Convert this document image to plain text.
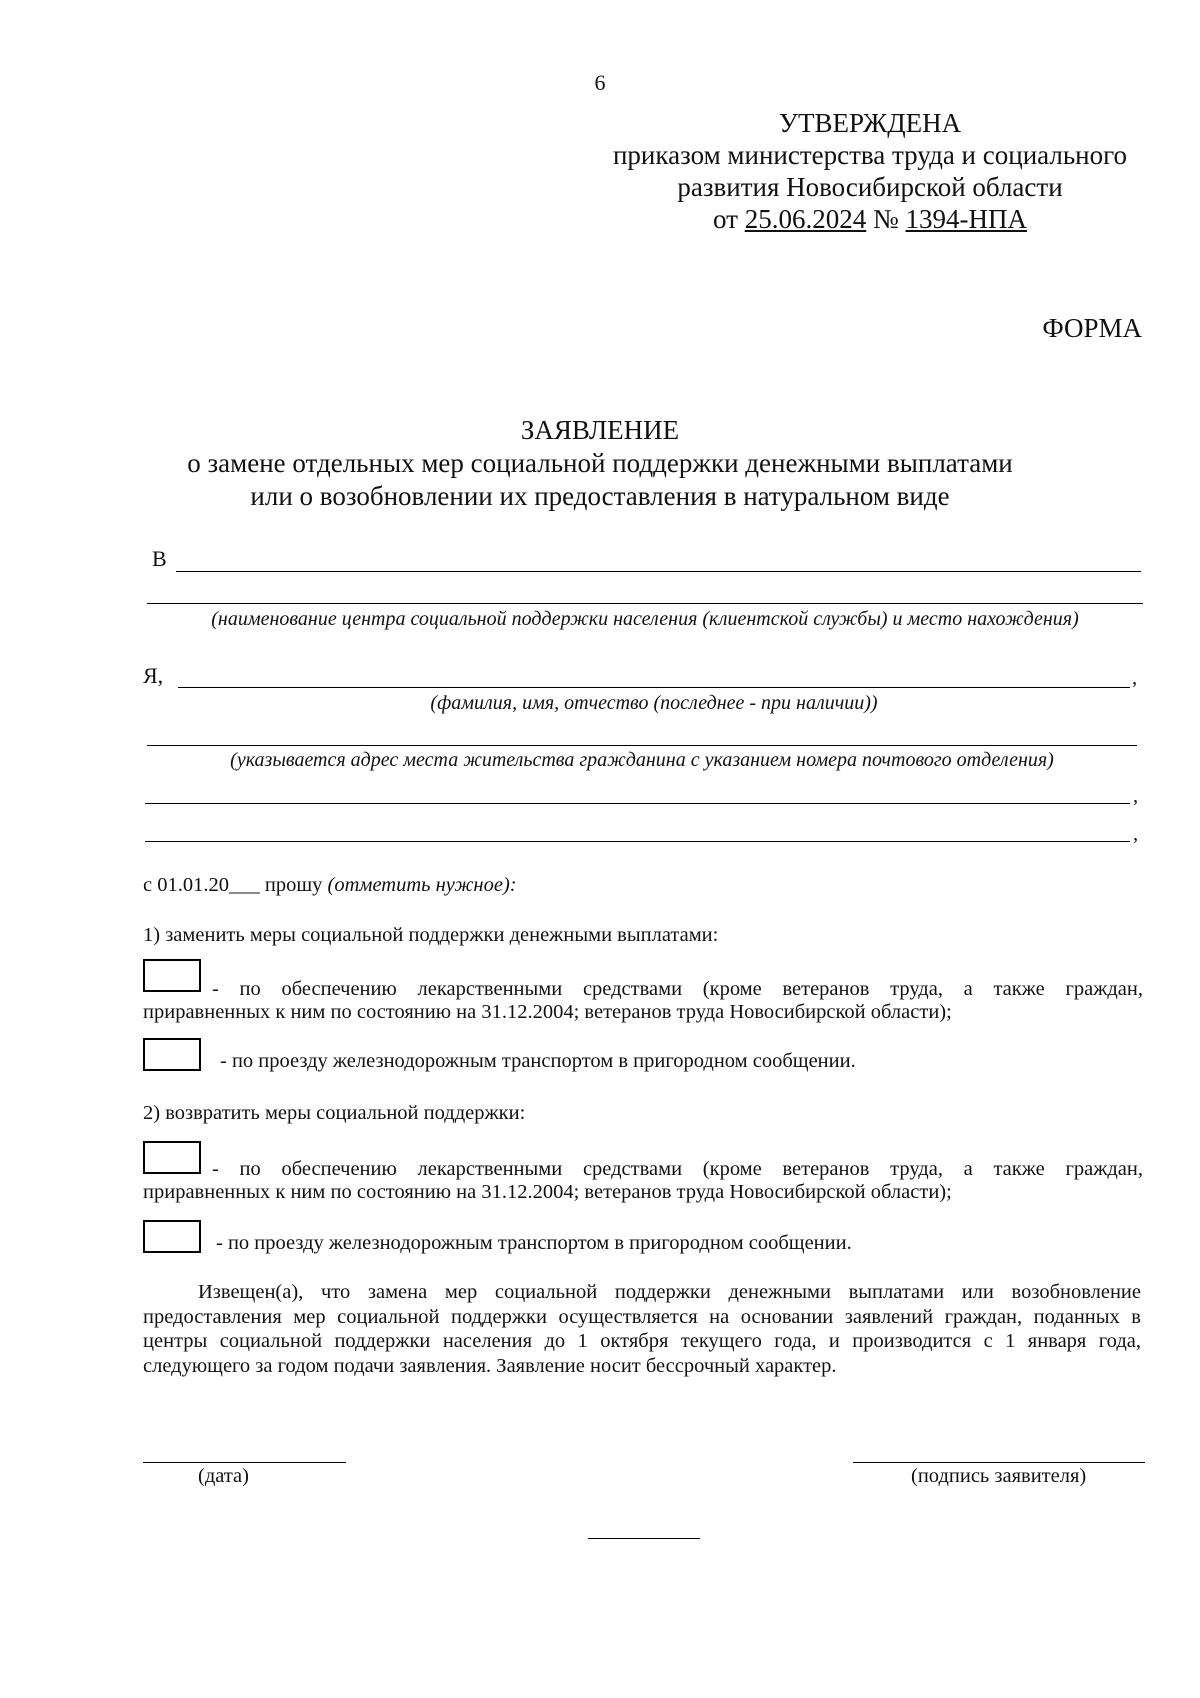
6
УТВЕРЖДЕНА
приказом министерства труда и социального
развития Новосибирской области
от 25.06.2024 № 1394-НПА
ФОРМА
ЗАЯВЛЕНИЕ
о замене отдельных мер социальной поддержки денежными выплатами
или о возобновлении их предоставления в натуральном виде
В
(наименование центра социальной поддержки населения (клиентской службы) и место нахождения)
Я,	,
(фамилия, имя, отчество (последнее - при наличии))
(указывается адрес места жительства гражданина с указанием номера почтового отделения)
,
,
с 01.01.20___ прошу (отметить нужное):
1) заменить меры социальной поддержки денежными выплатами:
- по обеспечению лекарственными средствами (кроме ветеранов труда, а также граждан,
приравненных к ним по состоянию на 31.12.2004; ветеранов труда Новосибирской области);
- по проезду железнодорожным транспортом в пригородном сообщении.
2) возвратить меры социальной поддержки:
- по обеспечению лекарственными средствами (кроме ветеранов труда, а также граждан,
приравненных к ним по состоянию на 31.12.2004; ветеранов труда Новосибирской области);
- по проезду железнодорожным транспортом в пригородном сообщении.
Извещен(а), что замена мер социальной поддержки денежными выплатами или возобновление предоставления мер социальной поддержки осуществляется на основании заявлений граждан, поданных в центры социальной поддержки населения до 1 октября текущего года, и производится с 1 января года, следующего за годом подачи заявления. Заявление носит бессрочный характер.
(дата)	(подпись заявителя)
